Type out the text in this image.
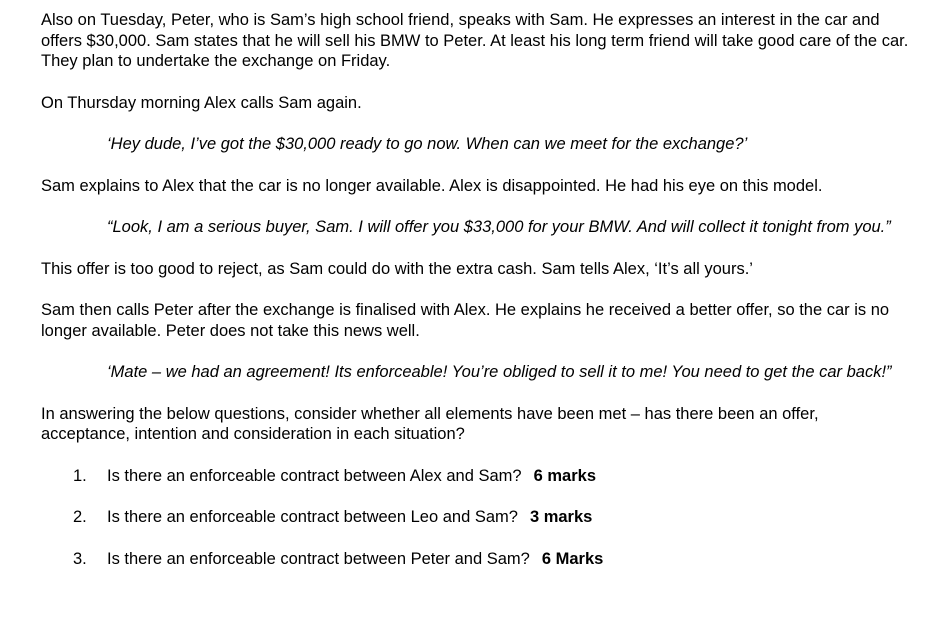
Also on Tuesday, Peter, who is Sam’s high school friend, speaks with Sam. He expresses an interest in the car and offers $30,000. Sam states that he will sell his BMW to Peter. At least his long term friend will take good care of the car. They plan to undertake the exchange on Friday.

On Thursday morning Alex calls Sam again.

‘Hey dude, I’ve got the $30,000 ready to go now. When can we meet for the exchange?’

Sam explains to Alex that the car is no longer available. Alex is disappointed. He had his eye on this model.

“Look, I am a serious buyer, Sam. I will offer you $33,000 for your BMW. And will collect it tonight from you.”

This offer is too good to reject, as Sam could do with the extra cash. Sam tells Alex, ‘It’s all yours.’

Sam then calls Peter after the exchange is finalised with Alex. He explains he received a better offer, so the car is no longer available. Peter does not take this news well.

‘Mate – we had an agreement! Its enforceable! You’re obliged to sell it to me! You need to get the car back!”

In answering the below questions, consider whether all elements have been met – has there been an offer, acceptance, intention and consideration in each situation?

1. Is there an enforceable contract between Alex and Sam? 6 marks
2. Is there an enforceable contract between Leo and Sam? 3 marks
3. Is there an enforceable contract between Peter and Sam? 6 Marks
